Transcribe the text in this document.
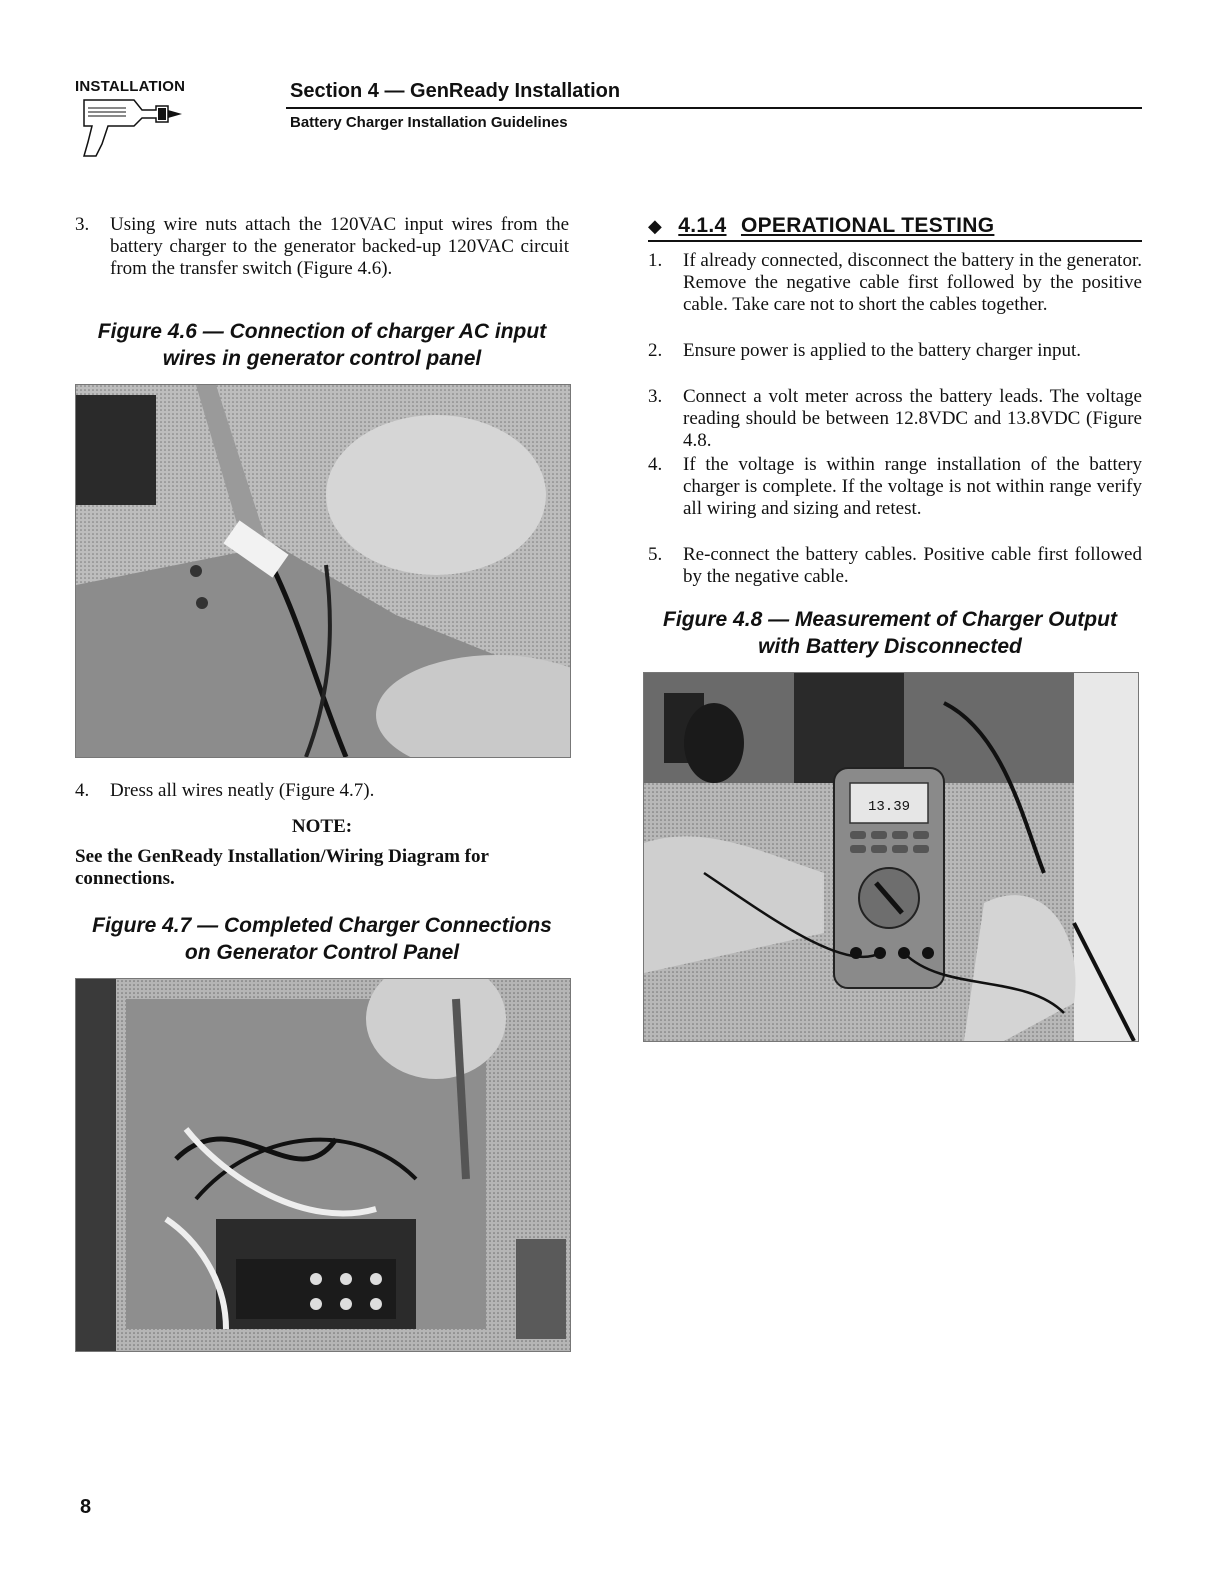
INSTALLATION	Section 4 — GenReady Installation
Battery Charger Installation Guidelines
3. Using wire nuts attach the 120VAC input wires from the battery charger to the generator backed-up 120VAC circuit from the transfer switch (Figure 4.6).
Figure 4.6 — Connection of charger AC input
wires in generator control panel
4. Dress all wires neatly (Figure 4.7).
NOTE:
See the GenReady Installation/Wiring Diagram for connections.
Figure 4.7 — Completed Charger Connections
on Generator Control Panel
◆ 4.1.4 OPERATIONAL TESTING
1. If already connected, disconnect the battery in the generator. Remove the negative cable first followed by the positive cable. Take care not to short the cables together.
2. Ensure power is applied to the battery charger input.
3. Connect a volt meter across the battery leads. The voltage reading should be between 12.8VDC and 13.8VDC (Figure 4.8.
4. If the voltage is within range installation of the battery charger is complete. If the voltage is not within range verify all wiring and sizing and retest.
5. Re-connect the battery cables. Positive cable first followed by the negative cable.
Figure 4.8 — Measurement of Charger Output
with Battery Disconnected
13.39
8
